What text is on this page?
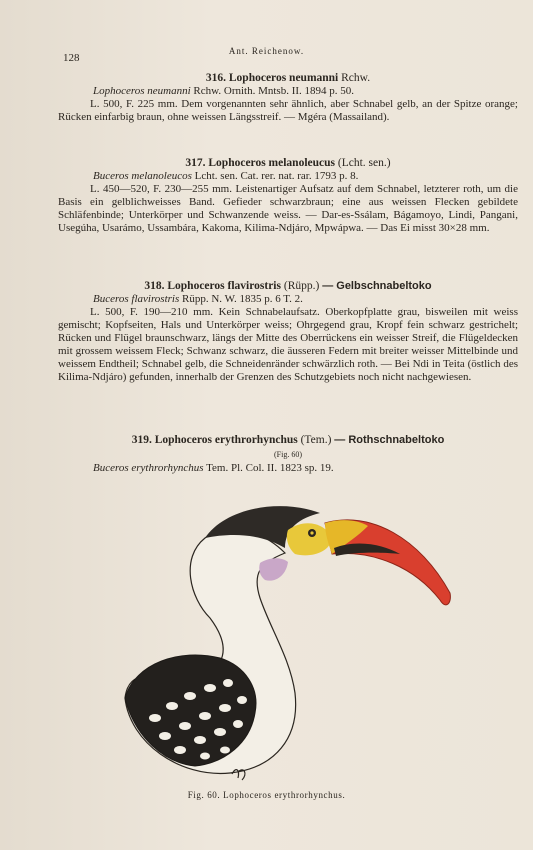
128
Ant. Reichenow.
316. Lophoceros neumanni Rchw.
Lophoceros neumanni Rchw. Ornith. Mntsb. II. 1894 p. 50.
L. 500, F. 225 mm. Dem vorgenannten sehr ähnlich, aber Schnabel gelb, an der Spitze orange; Rücken einfarbig braun, ohne weissen Längsstreif. — Mgéra (Massailand).
317. Lophoceros melanoleucus (Lcht. sen.)
Buceros melanoleucos Lcht. sen. Cat. rer. nat. rar. 1793 p. 8.
L. 450—520, F. 230—255 mm. Leistenartiger Aufsatz auf dem Schnabel, letzterer roth, um die Basis ein gelblichweisses Band. Gefieder schwarzbraun; eine aus weissen Flecken gebildete Schläfenbinde; Unterkörper und Schwanzende weiss. — Dar-es-Ssálam, Bágamoyo, Lindi, Pangani, Usegúha, Usarámo, Ussambára, Kakoma, Kilima-Ndjáro, Mpwápwa. — Das Ei misst 30×28 mm.
318. Lophoceros flavirostris (Rüpp.) — Gelbschnabeltoko
Buceros flavirostris Rüpp. N. W. 1835 p. 6 T. 2.
L. 500, F. 190—210 mm. Kein Schnabelaufsatz. Oberkopfplatte grau, bisweilen mit weiss gemischt; Kopfseiten, Hals und Unterkörper weiss; Ohrgegend grau, Kropf fein schwarz gestrichelt; Rücken und Flügel braunschwarz, längs der Mitte des Oberrückens ein weisser Streif, die Flügeldecken mit grossem weissem Fleck; Schwanz schwarz, die äusseren Federn mit breiter weisser Mittelbinde und weissem Endtheil; Schnabel gelb, die Schneidenränder schwärzlich roth. — Bei Ndi in Teita (östlich des Kilima-Ndjáro) gefunden, innerhalb der Grenzen des Schutzgebiets noch nicht nachgewiesen.
319. Lophoceros erythrorhynchus (Tem.) — Rothschnabeltoko
(Fig. 60)
Buceros erythrorhynchus Tem. Pl. Col. II. 1823 sp. 19.
Fig. 60. Lophoceros erythrorhynchus.
